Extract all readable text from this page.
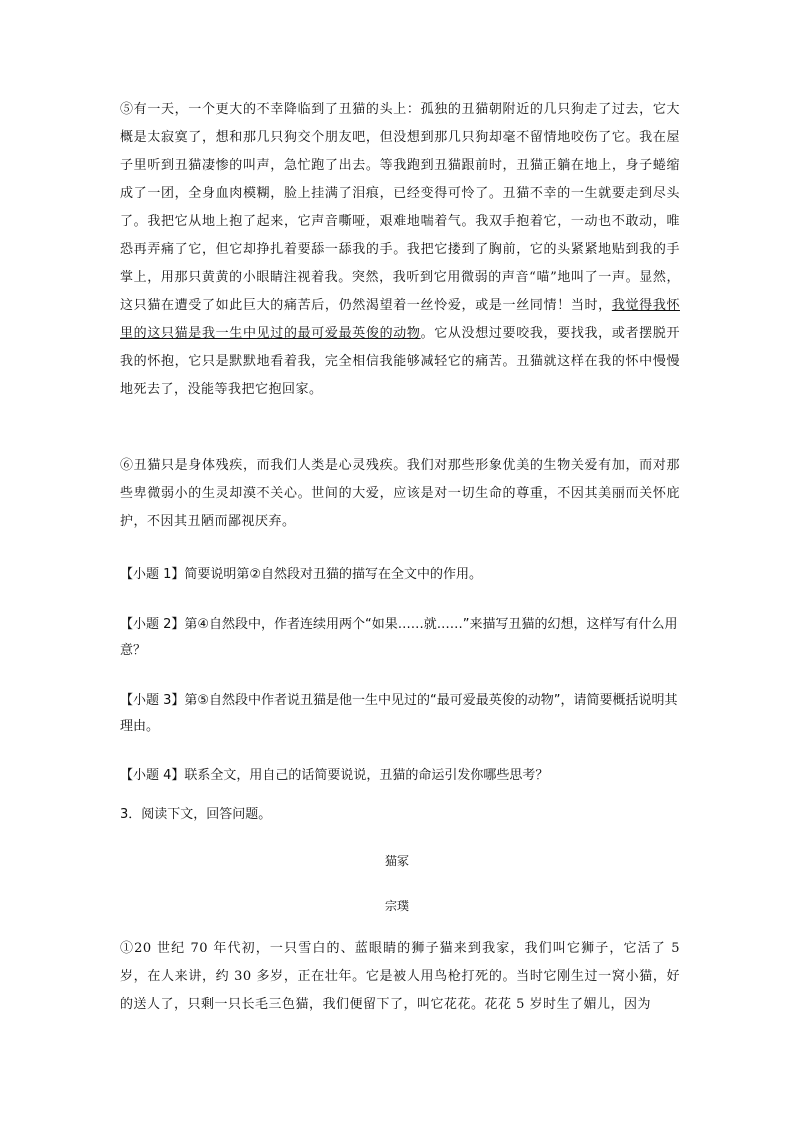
⑤有一天，一个更大的不幸降临到了丑猫的头上：孤独的丑猫朝附近的几只狗走了过去，它大概是太寂寞了，想和那几只狗交个朋友吧，但没想到那几只狗却毫不留情地咬伤了它。我在屋子里听到丑猫凄惨的叫声，急忙跑了出去。等我跑到丑猫跟前时，丑猫正躺在地上，身子蜷缩成了一团，全身血肉模糊，脸上挂满了泪痕，已经变得可怜了。丑猫不幸的一生就要走到尽头了。我把它从地上抱了起来，它声音嘶哑，艰难地喘着气。我双手抱着它，一动也不敢动，唯恐再弄痛了它，但它却挣扎着要舔一舔我的手。我把它搂到了胸前，它的头紧紧地贴到我的手掌上，用那只黄黄的小眼睛注视着我。突然，我听到它用微弱的声音“喵”地叫了一声。显然，这只猫在遭受了如此巨大的痛苦后，仍然渴望着一丝怜爱，或是一丝同情！当时，我觉得我怀里的这只猫是我一生中见过的最可爱最英俊的动物。它从没想过要咬我，要找我，或者摆脱开我的怀抱，它只是默默地看着我，完全相信我能够减轻它的痛苦。丑猫就这样在我的怀中慢慢地死去了，没能等我把它抱回家。

⑥丑猫只是身体残疾，而我们人类是心灵残疾。我们对那些形象优美的生物关爱有加，而对那些卑微弱小的生灵却漠不关心。世间的大爱，应该是对一切生命的尊重，不因其美丽而关怀庇护，不因其丑陋而鄙视厌弃。

【小题 1】简要说明第②自然段对丑猫的描写在全文中的作用。

【小题 2】第④自然段中，作者连续用两个“如果……就……”来描写丑猫的幻想，这样写有什么用意？

【小题 3】第⑤自然段中作者说丑猫是他一生中见过的“最可爱最英俊的动物”，请简要概括说明其理由。

【小题 4】联系全文，用自己的话简要说说，丑猫的命运引发你哪些思考？

3．阅读下文，回答问题。

猫冢

宗璞

①20 世纪 70 年代初，一只雪白的、蓝眼睛的狮子猫来到我家，我们叫它狮子，它活了 5 岁，在人来讲，约 30 多岁，正在壮年。它是被人用鸟枪打死的。当时它刚生过一窝小猫，好的送人了，只剩一只长毛三色猫，我们便留下了，叫它花花。花花 5 岁时生了媚儿，因为
